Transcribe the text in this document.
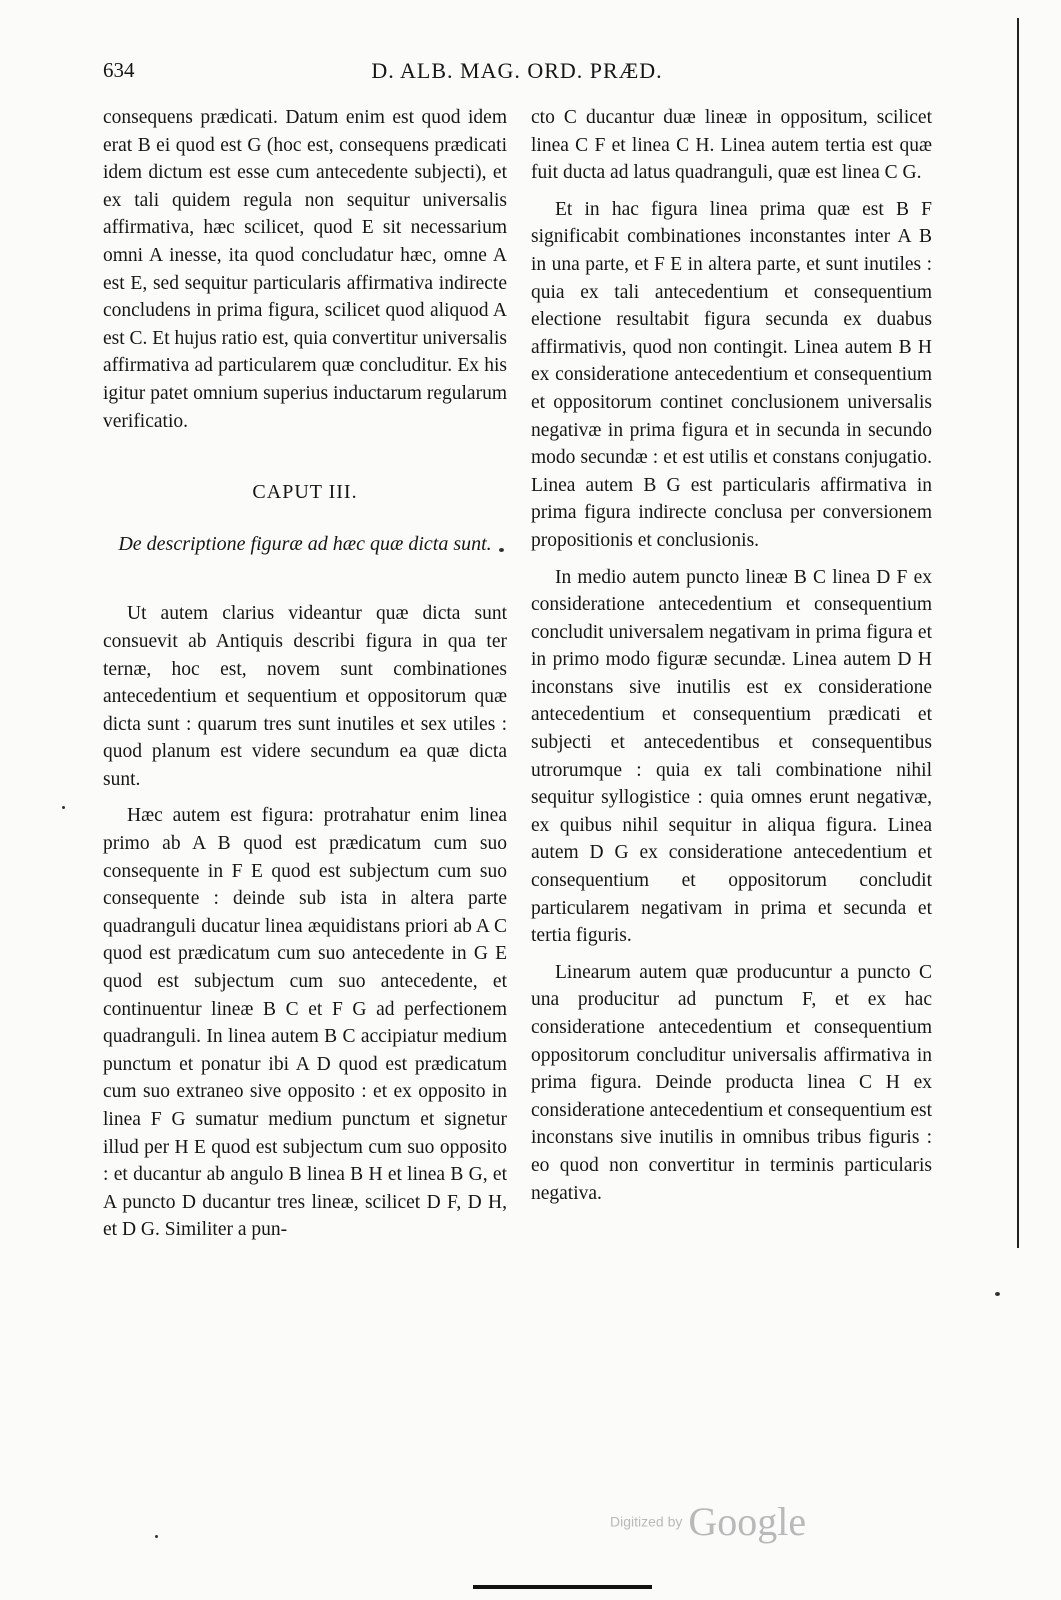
634	D. ALB. MAG. ORD. PRÆD.

consequens prædicati. Datum enim est quod idem erat B ei quod est G (hoc est, consequens prædicati idem dictum est esse cum antecedente subjecti), et ex tali quidem regula non sequitur universalis affirmativa, hæc scilicet, quod E sit necessarium omni A inesse, ita quod concludatur hæc, omne A est E, sed sequitur particularis affirmativa indirecte concludens in prima figura, scilicet quod aliquod A est C. Et hujus ratio est, quia convertitur universalis affirmativa ad particularem quæ concluditur. Ex his igitur patet omnium superius inductarum regularum verificatio.

CAPUT III.
De descriptione figuræ ad hæc quæ dicta sunt.

Ut autem clarius videantur quæ dicta sunt consuevit ab Antiquis describi figura in qua ter ternæ, hoc est, novem sunt combinationes antecedentium et sequentium et oppositorum quæ dicta sunt : quarum tres sunt inutiles et sex utiles : quod planum est videre secundum ea quæ dicta sunt.

Hæc autem est figura: protrahatur enim linea primo ab A B quod est prædicatum cum suo consequente in F E quod est subjectum cum suo consequente : deinde sub ista in altera parte quadranguli ducatur linea æquidistans priori ab A C quod est prædicatum cum suo antecedente in G E quod est subjectum cum suo antecedente, et continuentur lineæ B C et F G ad perfectionem quadranguli. In linea autem B C accipiatur medium punctum et ponatur ibi A D quod est prædicatum cum suo extraneo sive opposito : et ex opposito in linea F G sumatur medium punctum et signetur illud per H E quod est subjectum cum suo opposito : et ducantur ab angulo B linea B H et linea B G, et A puncto D ducantur tres lineæ, scilicet D F, D H, et D G. Similiter a pun-

cto C ducantur duæ lineæ in oppositum, scilicet linea C F et linea C H. Linea autem tertia est quæ fuit ducta ad latus quadranguli, quæ est linea C G.

Et in hac figura linea prima quæ est B F significabit combinationes inconstantes inter A B in una parte, et F E in altera parte, et sunt inutiles : quia ex tali antecedentium et consequentium electione resultabit figura secunda ex duabus affirmativis, quod non contingit. Linea autem B H ex consideratione antecedentium et consequentium et oppositorum continet conclusionem universalis negativæ in prima figura et in secunda in secundo modo secundæ : et est utilis et constans conjugatio. Linea autem B G est particularis affirmativa in prima figura indirecte conclusa per conversionem propositionis et conclusionis.

In medio autem puncto lineæ B C linea D F ex consideratione antecedentium et consequentium concludit universalem negativam in prima figura et in primo modo figuræ secundæ. Linea autem D H inconstans sive inutilis est ex consideratione antecedentium et consequentium prædicati et subjecti et antecedentibus et consequentibus utrorumque : quia ex tali combinatione nihil sequitur syllogistice : quia omnes erunt negativæ, ex quibus nihil sequitur in aliqua figura. Linea autem D G ex consideratione antecedentium et consequentium et oppositorum concludit particularem negativam in prima et secunda et tertia figuris.

Linearum autem quæ producuntur a puncto C una producitur ad punctum F, et ex hac consideratione antecedentium et consequentium oppositorum concluditur universalis affirmativa in prima figura. Deinde producta linea C H ex consideratione antecedentium et consequentium est inconstans sive inutilis in omnibus tribus figuris : eo quod non convertitur in terminis particularis negativa.

Digitized by Google
